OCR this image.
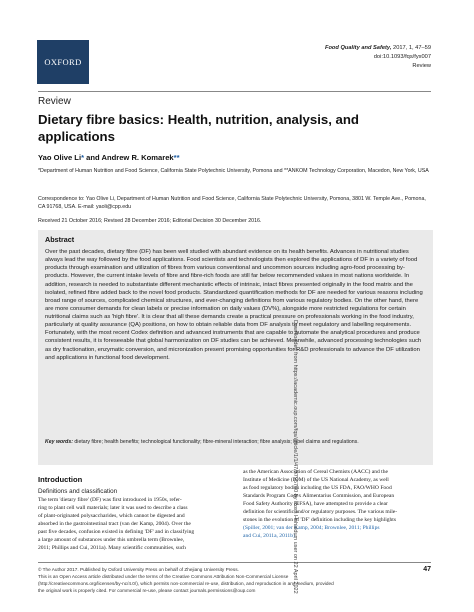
OXFORD
Food Quality and Safety, 2017, 1, 47–59
doi:10.1093/fqs/fyx007
Review
Review
Dietary fibre basics: Health, nutrition, analysis, and applications
Yao Olive Li* and Andrew R. Komarek**
*Department of Human Nutrition and Food Science, California State Polytechnic University, Pomona and **ANKOM Technology Corporation, Macedon, New York, USA
Correspondence to: Yao Olive Li, Department of Human Nutrition and Food Science, California State Polytechnic University, Pomona, 3801 W. Temple Ave., Pomona, CA 91768, USA. E-mail: yaoli@cpp.edu
Received 21 October 2016; Revised 28 December 2016; Editorial Decision 30 December 2016.
Abstract
Over the past decades, dietary fibre (DF) has been well studied with abundant evidence on its health benefits. Advances in nutritional studies always lead the way followed by the food applications. Food scientists and technologists then explored the applications of DF in a variety of food products through examination and utilization of fibres from various conventional and uncommon sources including agro-food processing by-products. However, the current intake levels of fibre and fibre-rich foods are still far below recommended values in most nations worldwide. In addition, research is needed to substantiate different mechanistic effects of intrinsic, intact fibres presented originally in the food matrix and the isolated, refined fibre added back to the novel food products. Standardized quantification methods for DF are needed for various reasons including broad range of sources, complicated chemical structures, and ever-changing definitions from various regulatory bodies. On the other hand, there are more consumer demands for clean labels or precise information on daily values (DV%), alongside more restricted regulations for certain nutritional claims such as 'high fibre'. It is clear that all these demands create a practical pressure on professionals working in the food industry, particularly at quality assurance (QA) positions, on how to obtain reliable data from DF analysis to meet regulatory and labelling requirements. Fortunately, with the most recent Codex definition and advanced instruments that are capable to automate the analytical procedures and produce consistent results, it is foreseeable that global harmonization on DF studies can be achieved. Meanwhile, advanced processing technologies such as dry fractionation, enzymatic conversion, and micronization present promising opportunities for R&D professionals to advance the DF utilization and applications in functional food development.
Key words: dietary fibre; health benefits; technological functionality; fibre-mineral interaction; fibre analysis; label claims and regulations.
Introduction
Definitions and classification
The term 'dietary fibre' (DF) was first introduced in 1950s, refer-
ring to plant cell wall materials; later it was used to describe a class
of plant-originated polysaccharides, which cannot be digested and
absorbed in the gastrointestinal tract (van der Kamp, 2004). Over the
past five decades, confusion existed in defining 'DF' and in classifying
a large amount of substances under this umbrella term (Brownlee,
2011; Phillips and Cui, 2011a). Many scientific communities, such
as the American Association of Cereal Chemists (AACC) and the
Institute of Medicine (IOM) of the US National Academy, as well
as food regulatory bodies including the US FDA, FAO/WHO Food
Standards Program Codex Alimentarius Commission, and European
Food Safety Authority (EFSA), have attempted to provide a clear
definition for scientific and/or regulatory purposes. The various mile-
stones in the evolution of 'DF' definition including the key highlights
(Spiller, 2001; van der Kamp, 2004; Brownlee, 2011; Phillips
and Cui, 2011a, 2011b)
© The Author 2017. Published by Oxford University Press on behalf of Zhejiang University Press.
This is an Open Access article distributed under the terms of the Creative Commons Attribution Non-Commercial License
(http://creativecommons.org/licenses/by-nc/4.0/), which permits non-commercial re-use, distribution, and reproduction in any medium, provided
the original work is properly cited. For commercial re-use, please contact journals.permissions@oup.com
47
Downloaded from https://academic.oup.com/fqs/article/1/1/47/3795700 by Ross Hohaldum user on 22 April 2022
